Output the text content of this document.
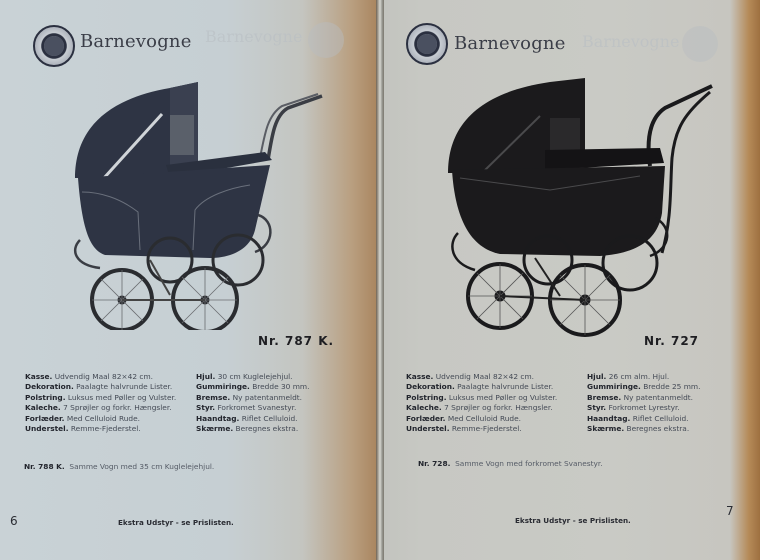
Barnevogne Barnevogne
Nr. 787 K.
Kasse. Udvendig Maal 82×42 cm.
Dekoration. Paalagte halvrunde Lister.
Polstring. Luksus med Pøller og Vulster.
Kaleche. 7 Sprøjler og forkr. Hængsler.
Forlæder. Med Celluloid Rude.
Understel. Remme-Fjederstel.
Hjul. 30 cm Kuglelejehjul.
Gummiringe. Bredde 30 mm.
Bremse. Ny patentanmeldt.
Styr. Forkromet Svanestyr.
Haandtag. Riflet Celluloid.
Skærme. Beregnes ekstra.
Nr. 788 K. Samme Vogn med 35 cm Kuglelejehjul.
6	Ekstra Udstyr - se Prislisten.
Barnevogne Barnevogne
Nr. 727
Kasse. Udvendig Maal 82×42 cm.
Dekoration. Paalagte halvrunde Lister.
Polstring. Luksus med Pøller og Vulster.
Kaleche. 7 Sprøjler og forkr. Hængsler.
Forlæder. Med Celluloid Rude.
Understel. Remme-Fjederstel.
Hjul. 26 cm alm. Hjul.
Gummiringe. Bredde 25 mm.
Bremse. Ny patentanmeldt.
Styr. Forkromet Lyrestyr.
Haandtag. Riflet Celluloid.
Skærme. Beregnes ekstra.
Nr. 728. Samme Vogn med forkromet Svanestyr.
Ekstra Udstyr - se Prislisten.
7
